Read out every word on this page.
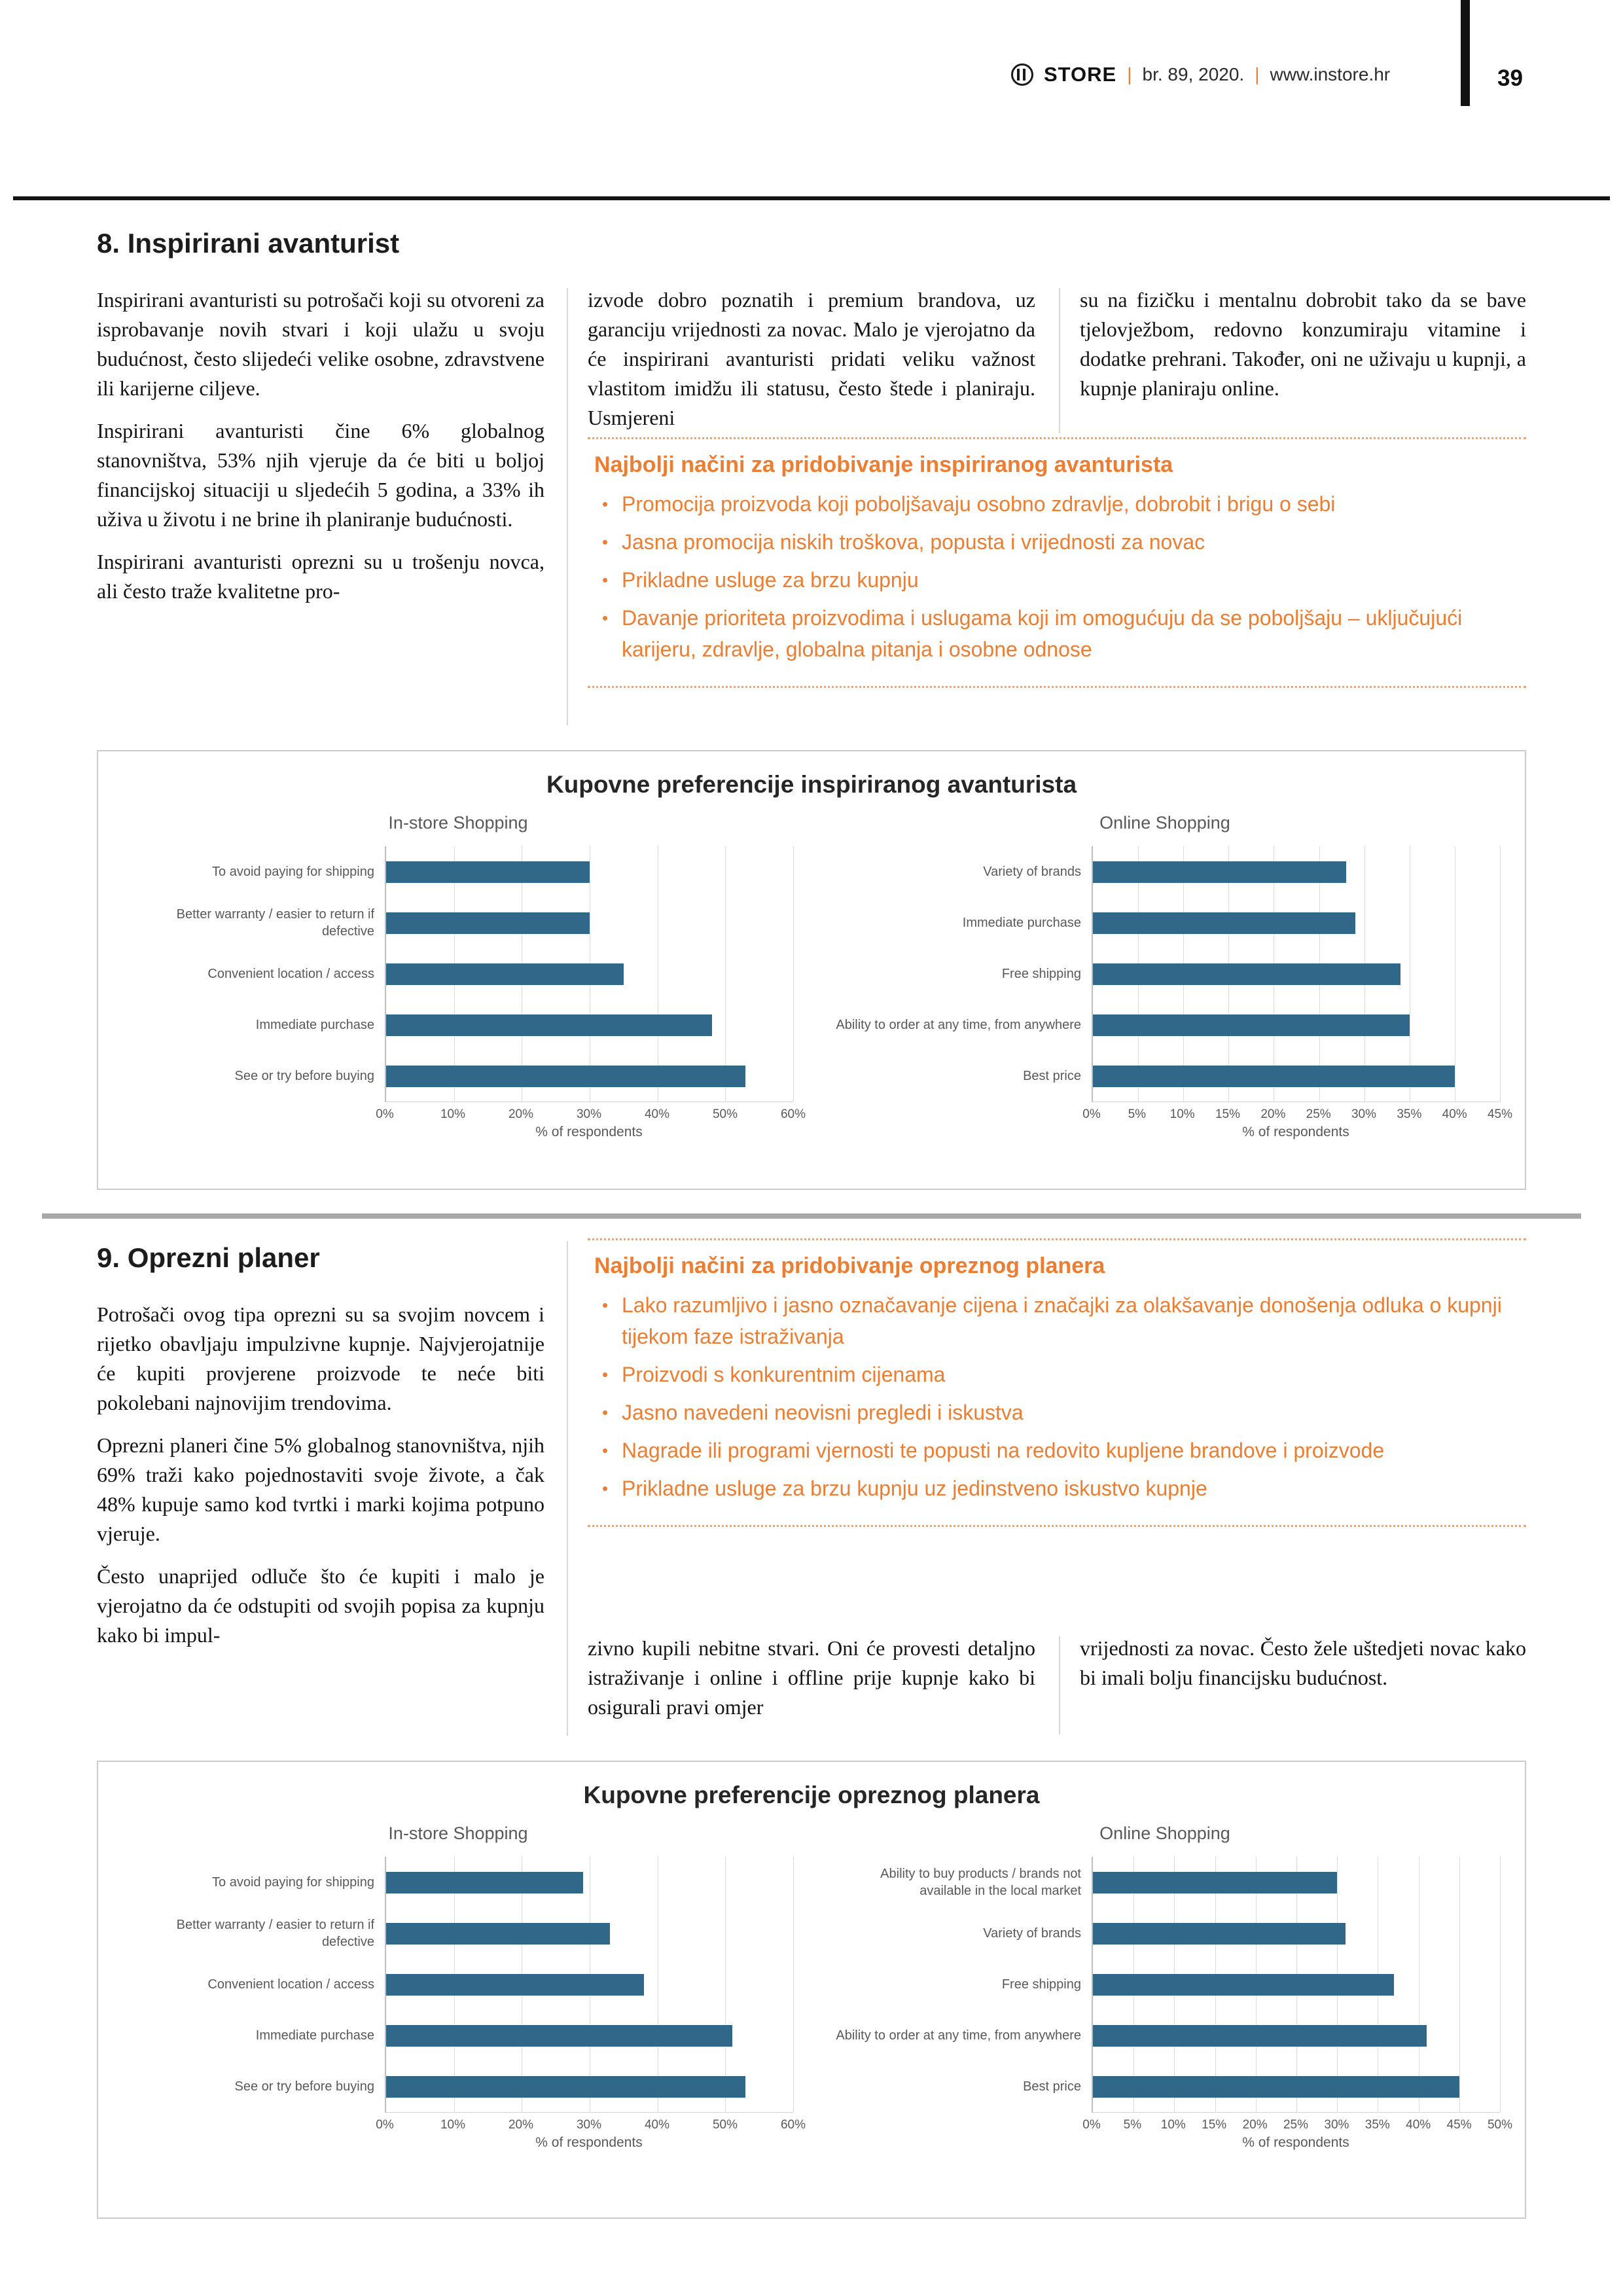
STORE | br. 89, 2020. | www.instore.hr	39
8. Inspirirani avanturist

Inspirirani avanturisti su potrošači koji su otvoreni za isprobavanje novih stvari i koji ulažu u svoju budućnost, često slijedeći velike osobne, zdravstvene ili karijerne ciljeve.

Inspirirani avanturisti čine 6% globalnog stanovništva, 53% njih vjeruje da će biti u boljoj financijskoj situaciji u sljedećih 5 godina, a 33% ih uživa u životu i ne brine ih planiranje budućnosti.

Inspirirani avanturisti oprezni su u trošenju novca, ali često traže kvalitetne pro-

izvode dobro poznatih i premium brandova, uz garanciju vrijednosti za novac. Malo je vjerojatno da će inspirirani avanturisti pridati veliku važnost vlastitom imidžu ili statusu, često štede i planiraju. Usmjereni

su na fizičku i mentalnu dobrobit tako da se bave tjelovježbom, redovno konzumiraju vitamine i dodatke prehrani. Također, oni ne uživaju u kupnji, a kupnje planiraju online.

Najbolji načini za pridobivanje inspiriranog avanturista
• Promocija proizvoda koji poboljšavaju osobno zdravlje, dobrobit i brigu o sebi
• Jasna promocija niskih troškova, popusta i vrijednosti za novac
• Prikladne usluge za brzu kupnju
• Davanje prioriteta proizvodima i uslugama koji im omogućuju da se poboljšaju – uključujući karijeru, zdravlje, globalna pitanja i osobne odnose
Kupovne preferencije inspiriranog avanturista
In-store Shopping
To avoid paying for shipping
Better warranty / easier to return if defective
Convenient location / access
Immediate purchase
See or try before buying
0%	10%	20%	30%	40%	50%	60%
% of respondents
Online Shopping
Variety of brands
Immediate purchase
Free shipping
Ability to order at any time, from anywhere
Best price
0% 5% 10% 15% 20% 25% 30% 35% 40% 45%
% of respondents
9. Oprezni planer

Potrošači ovog tipa oprezni su sa svojim novcem i rijetko obavljaju impulzivne kupnje. Najvjerojatnije će kupiti provjerene proizvode te neće biti pokolebani najnovijim trendovima.

Oprezni planeri čine 5% globalnog stanovništva, njih 69% traži kako pojednostaviti svoje živote, a čak 48% kupuje samo kod tvrtki i marki kojima potpuno vjeruje.

Često unaprijed odluče što će kupiti i malo je vjerojatno da će odstupiti od svojih popisa za kupnju kako bi impul-

Najbolji načini za pridobivanje opreznog planera
• Lako razumljivo i jasno označavanje cijena i značajki za olakšavanje donošenja odluka o kupnji tijekom faze istraživanja
• Proizvodi s konkurentnim cijenama
• Jasno navedeni neovisni pregledi i iskustva
• Nagrade ili programi vjernosti te popusti na redovito kupljene brandove i proizvode
• Prikladne usluge za brzu kupnju uz jedinstveno iskustvo kupnje

zivno kupili nebitne stvari. Oni će provesti detaljno istraživanje i online i offline prije kupnje kako bi osigurali pravi omjer

vrijednosti za novac. Često žele uštedjeti novac kako bi imali bolju financijsku budućnost.

Kupovne preferencije opreznog planera
In-store Shopping
To avoid paying for shipping
Better warranty / easier to return if defective
Convenient location / access
Immediate purchase
See or try before buying
0%	10%	20%	30%	40%	50%	60%
% of respondents
Online Shopping
Ability to buy products / brands not available in the local market
Variety of brands
Free shipping
Ability to order at any time, from anywhere
Best price
0% 5% 10% 15% 20% 25% 30% 35% 40% 45% 50%
% of respondents
